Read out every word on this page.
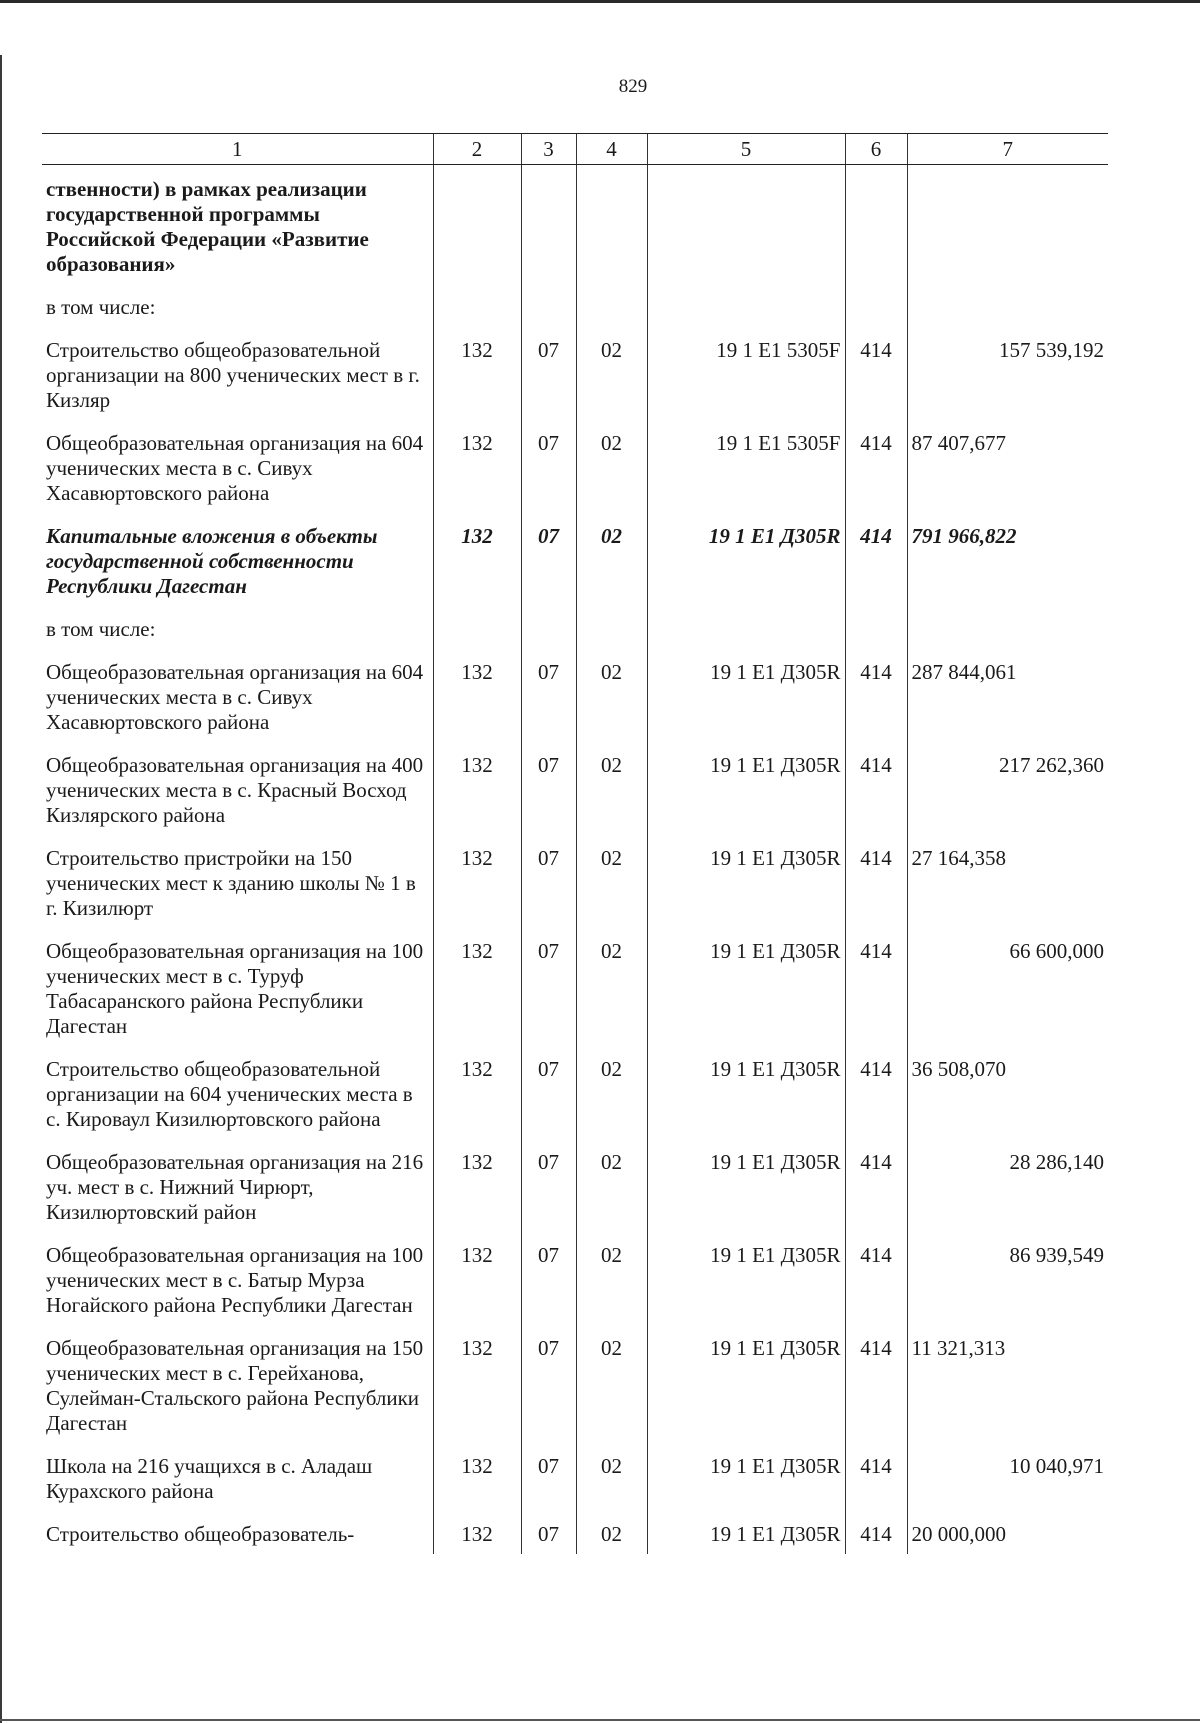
829
1	2	3	4	5	6	7
ственности) в рамках реализации государственной программы Российской Федерации «Развитие образования»						
в том числе:						
Строительство общеобразовательной организации на 800 ученических мест в г. Кизляр	132	07	02	19 1 E1 5305F	414	157 539,192
Общеобразовательная организация на 604 ученических места в с. Сивух Хасавюртовского района	132	07	02	19 1 E1 5305F	414	87 407,677
Капитальные вложения в объекты государственной собственности Республики Дагестан	132	07	02	19 1 E1 Д305R	414	791 966,822
в том числе:						
Общеобразовательная организация на 604 ученических места в с. Сивух Хасавюртовского района	132	07	02	19 1 E1 Д305R	414	287 844,061
Общеобразовательная организация на 400 ученических места в с. Красный Восход Кизлярского района	132	07	02	19 1 E1 Д305R	414	217 262,360
Строительство пристройки на 150 ученических мест к зданию школы № 1 в г. Кизилюрт	132	07	02	19 1 E1 Д305R	414	27 164,358
Общеобразовательная организация на 100 ученических мест в с. Туруф Табасаранского района Республики Дагестан	132	07	02	19 1 E1 Д305R	414	66 600,000
Строительство общеобразовательной организации на 604 ученических места в с. Кироваул Кизилюртовского района	132	07	02	19 1 E1 Д305R	414	36 508,070
Общеобразовательная организация на 216 уч. мест в с. Нижний Чирюрт, Кизилюртовский район	132	07	02	19 1 E1 Д305R	414	28 286,140
Общеобразовательная организация на 100 ученических мест в с. Батыр Мурза Ногайского района Республики Дагестан	132	07	02	19 1 E1 Д305R	414	86 939,549
Общеобразовательная организация на 150 ученических мест в с. Герейханова, Сулейман-Стальского района Республики Дагестан	132	07	02	19 1 E1 Д305R	414	11 321,313
Школа на 216 учащихся в с. Аладаш Курахского района	132	07	02	19 1 E1 Д305R	414	10 040,971
Строительство общеобразователь-	132	07	02	19 1 E1 Д305R	414	20 000,000
